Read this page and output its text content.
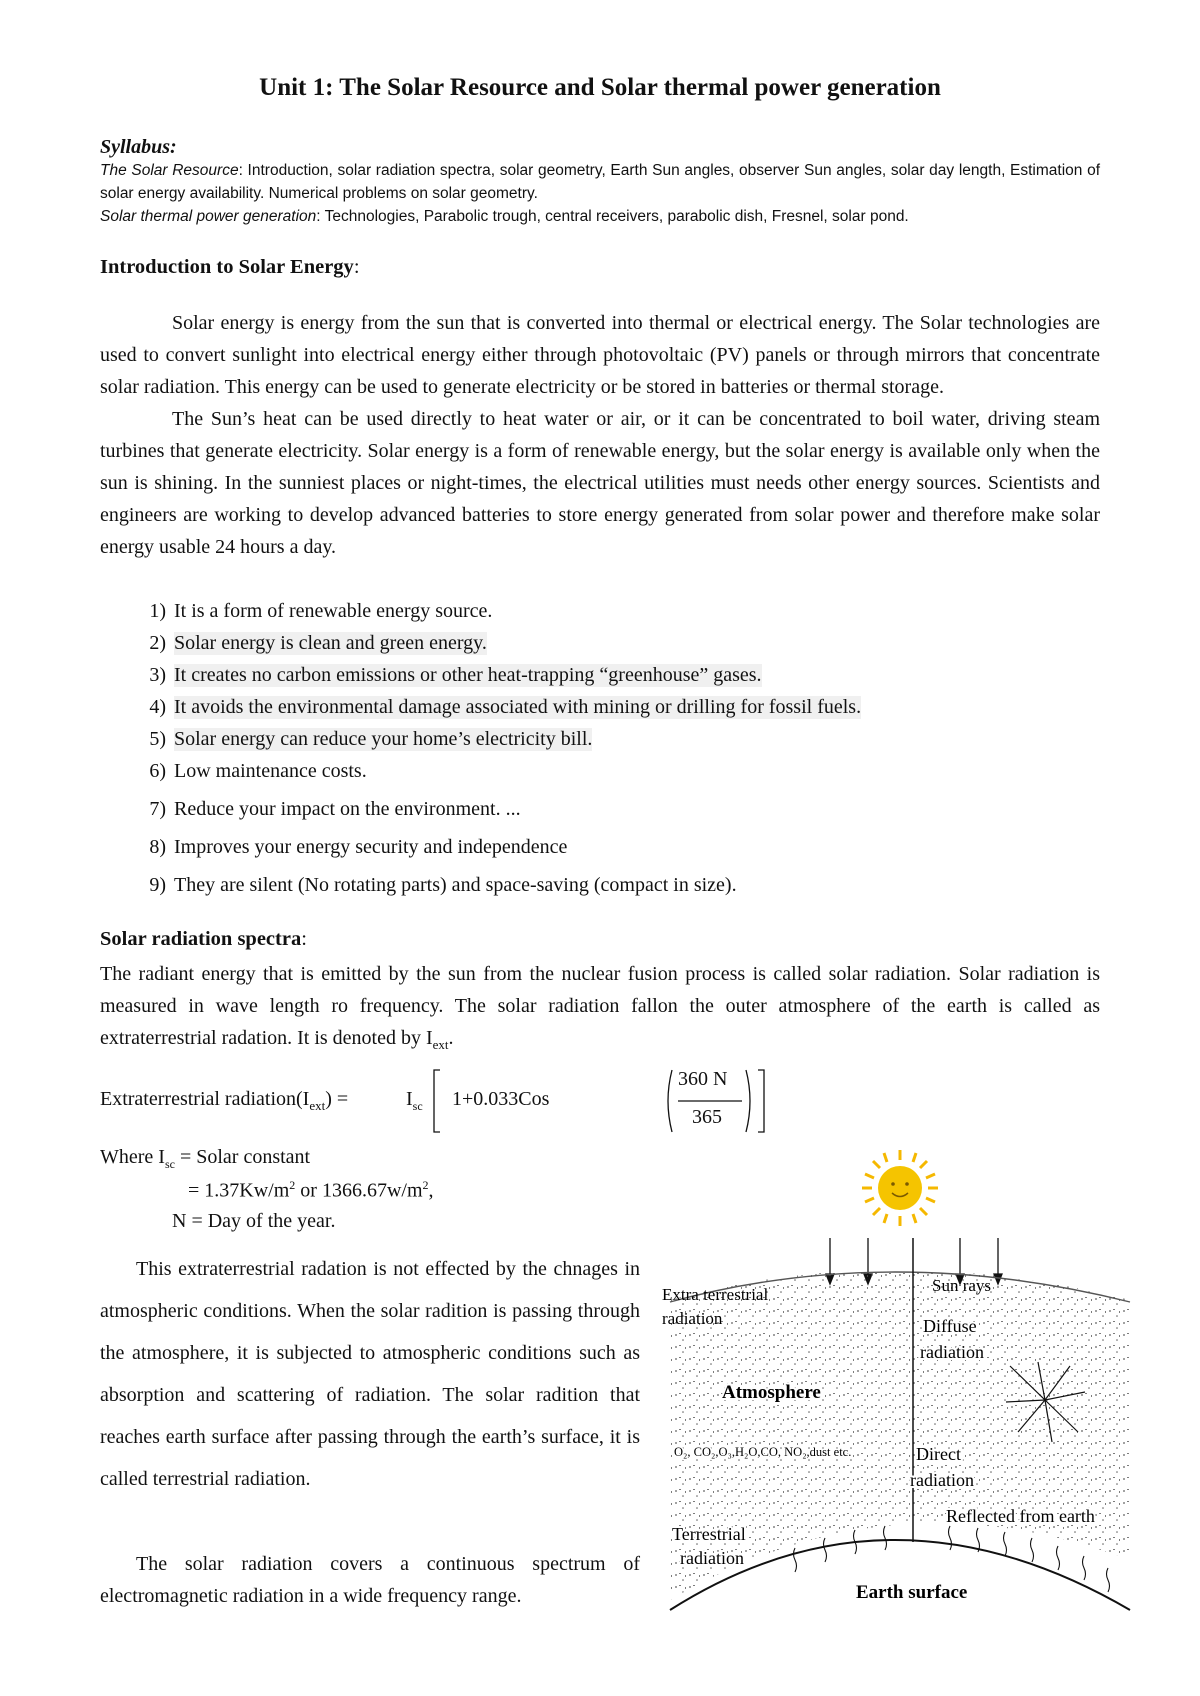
Unit 1: The Solar Resource and Solar thermal power generation
Syllabus:
The Solar Resource: Introduction, solar radiation spectra, solar geometry, Earth Sun angles, observer Sun angles, solar day length, Estimation of solar energy availability. Numerical problems on solar geometry.
Solar thermal power generation: Technologies, Parabolic trough, central receivers, parabolic dish, Fresnel, solar pond.
Introduction to Solar Energy:

Solar energy is energy from the sun that is converted into thermal or electrical energy. The Solar technologies are used to convert sunlight into electrical energy either through photovoltaic (PV) panels or through mirrors that concentrate solar radiation. This energy can be used to generate electricity or be stored in batteries or thermal storage.

The Sun’s heat can be used directly to heat water or air, or it can be concentrated to boil water, driving steam turbines that generate electricity. Solar energy is a form of renewable energy, but the solar energy is available only when the sun is shining. In the sunniest places or night-times, the electrical utilities must needs other energy sources. Scientists and engineers are working to develop advanced batteries to store energy generated from solar power and therefore make solar energy usable 24 hours a day.

1) It is a form of renewable energy source.
2) Solar energy is clean and green energy.
3) It creates no carbon emissions or other heat-trapping “greenhouse” gases.
4) It avoids the environmental damage associated with mining or drilling for fossil fuels.
5) Solar energy can reduce your home’s electricity bill.
6) Low maintenance costs.
7) Reduce your impact on the environment. ...
8) Improves your energy security and independence
9) They are silent (No rotating parts) and space-saving (compact in size).
Solar radiation spectra:

The radiant energy that is emitted by the sun from the nuclear fusion process is called solar radiation. Solar radiation is measured in wave length ro frequency. The solar radiation fallon the outer atmosphere of the earth is called as extraterrestrial radation. It is denoted by $I_{ext}$.

Extraterrestrial $radiation(I_{ext})$ =	$I_{sc}$ 1+0.033Cos
360 N
365
Where $I_{sc}$ = Solar constant
= $1.37Kw/m^2$ or $1366.67w/m^2$,
N = Day of the year.

This extraterrestrial radation is not effected by the chnages in atmospheric conditions. When the solar radition is passing through the atmosphere, it is subjected to atmospheric conditions such as absorption and scattering of radiation. The solar radition that reaches earth surface after passing through the earth’s surface, it is called terrestrial radiation.

The solar radiation covers a continuous spectrum of electromagnetic radiation in a wide frequency range.

Sun rays
Extra terrestrial
radiation	Diffuse
radiation
Atmosphere
O₂, CO₂,O₃,H₂O,CO, NO₂,dust etc.	Direct
radiation
Reflected from earth
Terrestrial
radiation
Earth surface
